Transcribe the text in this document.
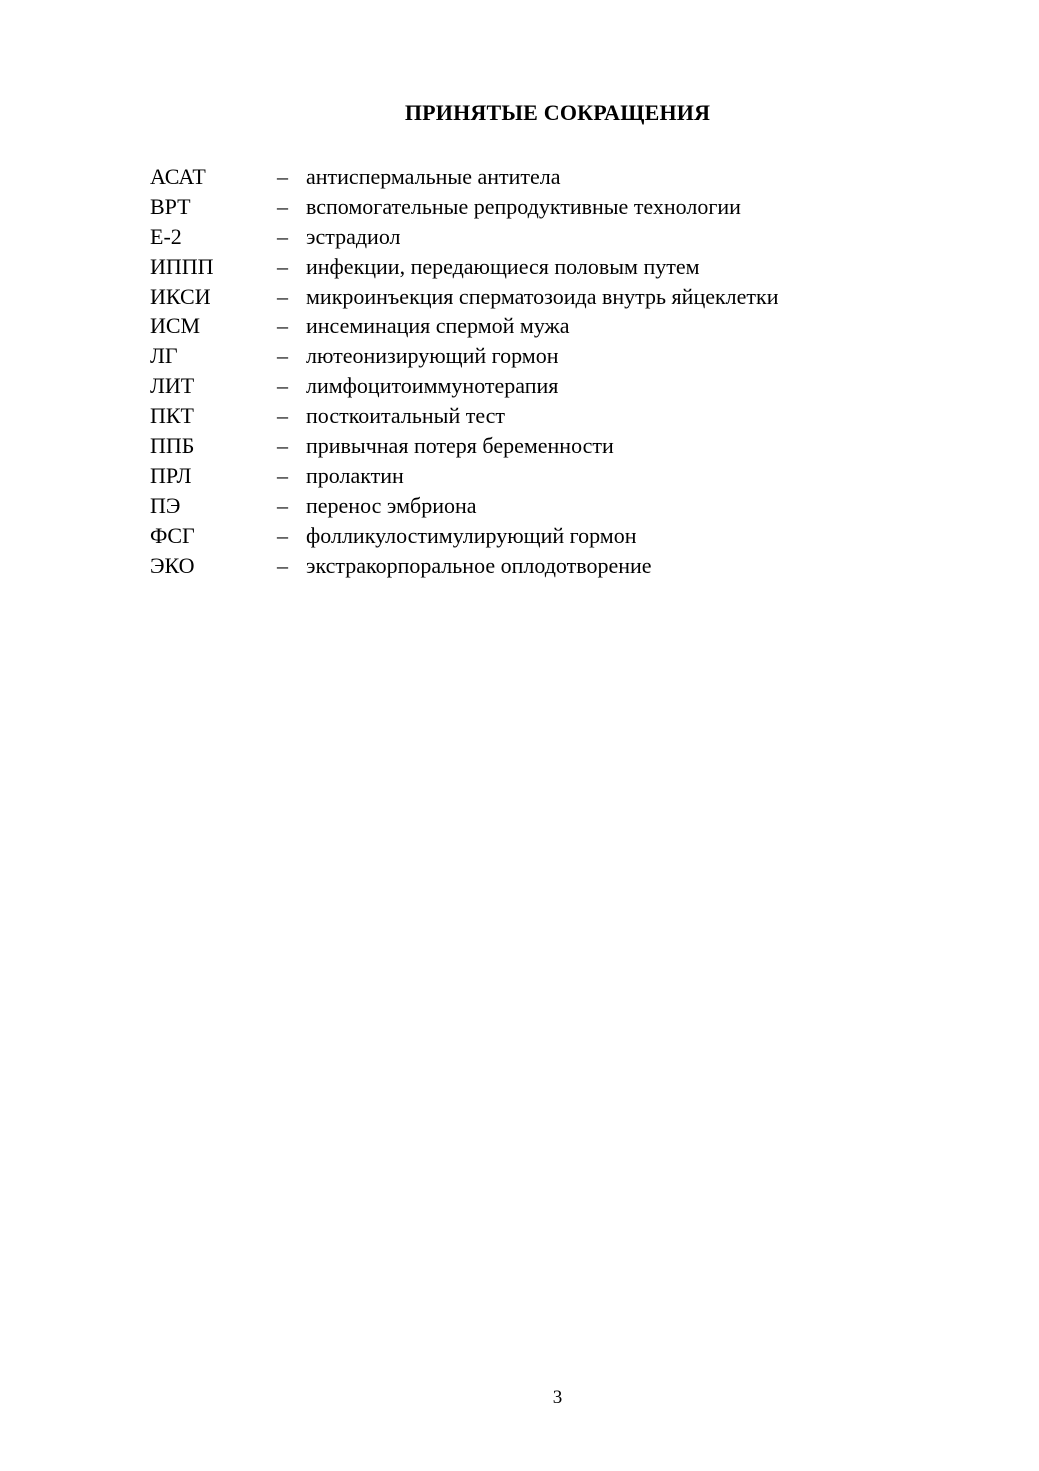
ПРИНЯТЫЕ СОКРАЩЕНИЯ
АСАТ	– антиспермальные антитела
ВРТ	– вспомогательные репродуктивные технологии
Е-2	– эстрадиол
ИППП	– инфекции, передающиеся половым путем
ИКСИ	– микроинъекция сперматозоида внутрь яйцеклетки
ИСМ	– инсеминация спермой мужа
ЛГ	– лютеонизирующий гормон
ЛИТ	– лимфоцитоиммунотерапия
ПКТ	– посткоитальный тест
ППБ	– привычная потеря беременности
ПРЛ	– пролактин
ПЭ	– перенос эмбриона
ФСГ	– фолликулостимулирующий гормон
ЭКО	– экстракорпоральное оплодотворение
3
